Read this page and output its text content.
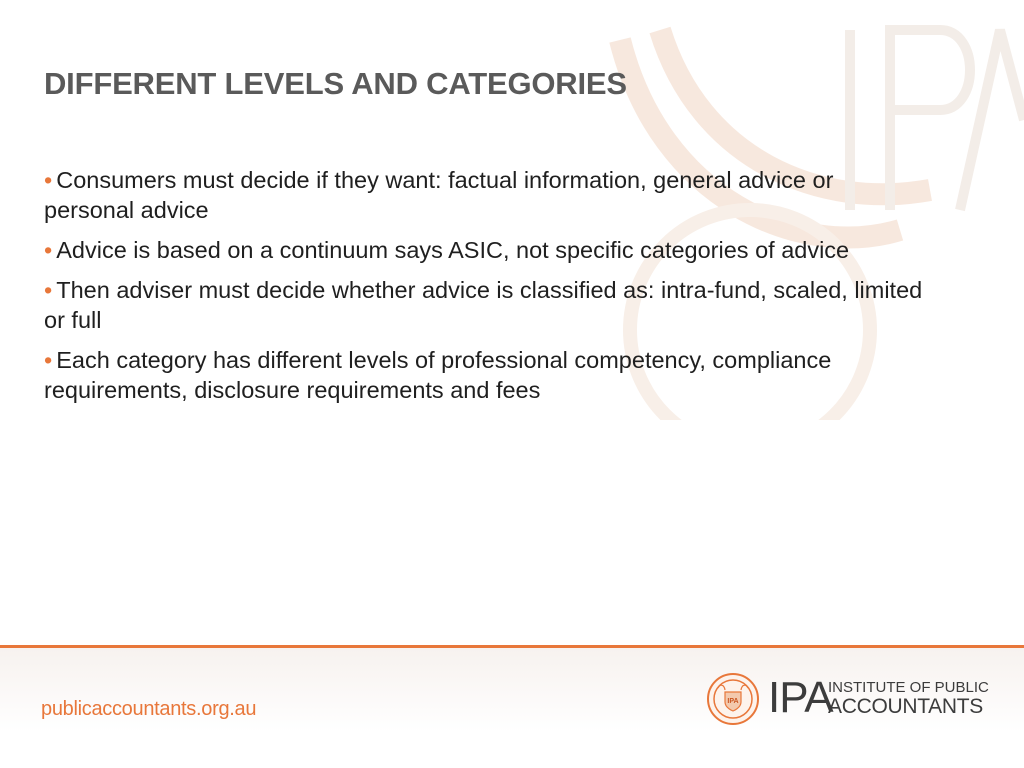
DIFFERENT LEVELS AND CATEGORIES
• Consumers must decide if they want: factual information, general advice or personal advice
• Advice is based on a continuum says ASIC, not specific categories of advice
• Then adviser must decide whether advice is classified as: intra-fund, scaled, limited or full
• Each category has different levels of professional competency, compliance requirements, disclosure requirements and fees
publicaccountants.org.au	IPA IPA
INSTITUTE OF PUBLIC
ACCOUNTANTS
